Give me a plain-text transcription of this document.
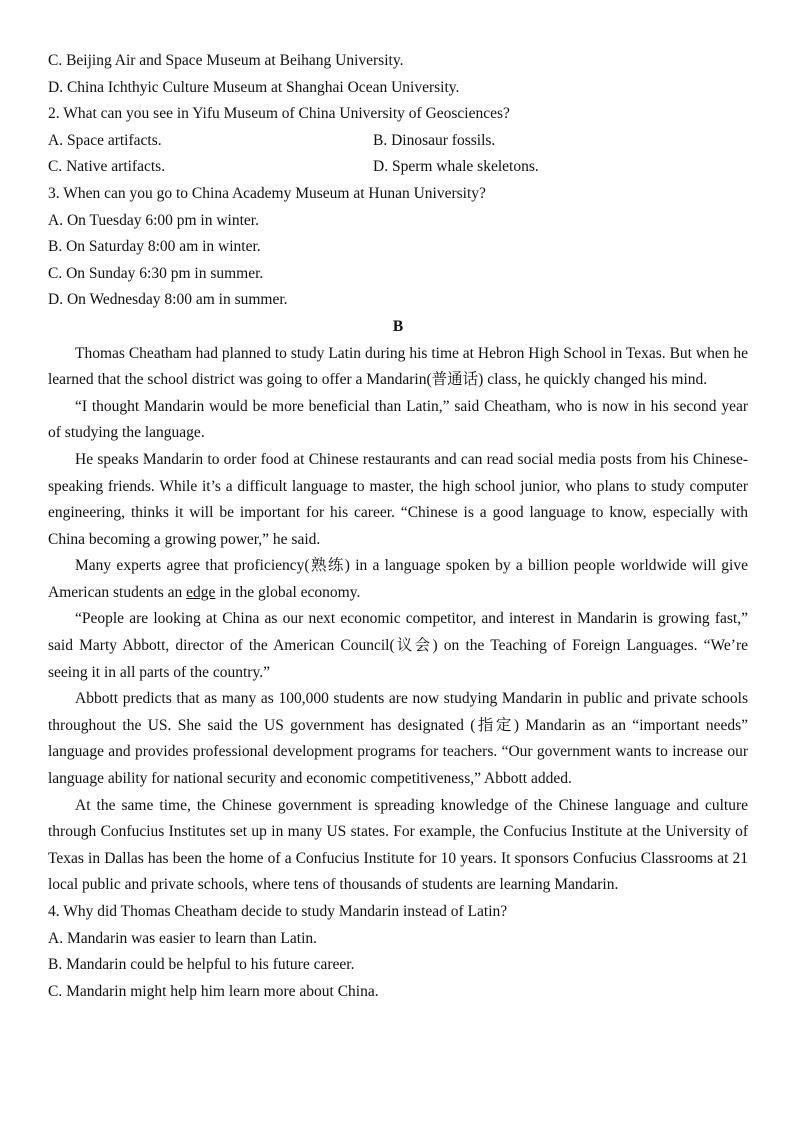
C. Beijing Air and Space Museum at Beihang University.

D. China Ichthyic Culture Museum at Shanghai Ocean University.

2. What can you see in Yifu Museum of China University of Geosciences?

A. Space artifacts.	B. Dinosaur fossils.
C. Native artifacts.	D. Sperm whale skeletons.

3. When can you go to China Academy Museum at Hunan University?

A. On Tuesday 6:00 pm in winter.

B. On Saturday 8:00 am in winter.

C. On Sunday 6:30 pm in summer.

D. On Wednesday 8:00 am in summer.

B

Thomas Cheatham had planned to study Latin during his time at Hebron High School in Texas. But when he learned that the school district was going to offer a Mandarin(普通话) class, he quickly changed his mind.

“I thought Mandarin would be more beneficial than Latin,” said Cheatham, who is now in his second year of studying the language.

He speaks Mandarin to order food at Chinese restaurants and can read social media posts from his Chinese-speaking friends. While it’s a difficult language to master, the high school junior, who plans to study computer engineering, thinks it will be important for his career. “Chinese is a good language to know, especially with China becoming a growing power,” he said.

Many experts agree that proficiency(熟练) in a language spoken by a billion people worldwide will give American students an edge in the global economy.

“People are looking at China as our next economic competitor, and interest in Mandarin is growing fast,” said Marty Abbott, director of the American Council(议会) on the Teaching of Foreign Languages. “We’re seeing it in all parts of the country.”

Abbott predicts that as many as 100,000 students are now studying Mandarin in public and private schools throughout the US. She said the US government has designated (指定) Mandarin as an “important needs” language and provides professional development programs for teachers. “Our government wants to increase our language ability for national security and economic competitiveness,” Abbott added.

At the same time, the Chinese government is spreading knowledge of the Chinese language and culture through Confucius Institutes set up in many US states. For example, the Confucius Institute at the University of Texas in Dallas has been the home of a Confucius Institute for 10 years. It sponsors Confucius Classrooms at 21 local public and private schools, where tens of thousands of students are learning Mandarin.

4. Why did Thomas Cheatham decide to study Mandarin instead of Latin?

A. Mandarin was easier to learn than Latin.

B. Mandarin could be helpful to his future career.

C. Mandarin might help him learn more about China.
